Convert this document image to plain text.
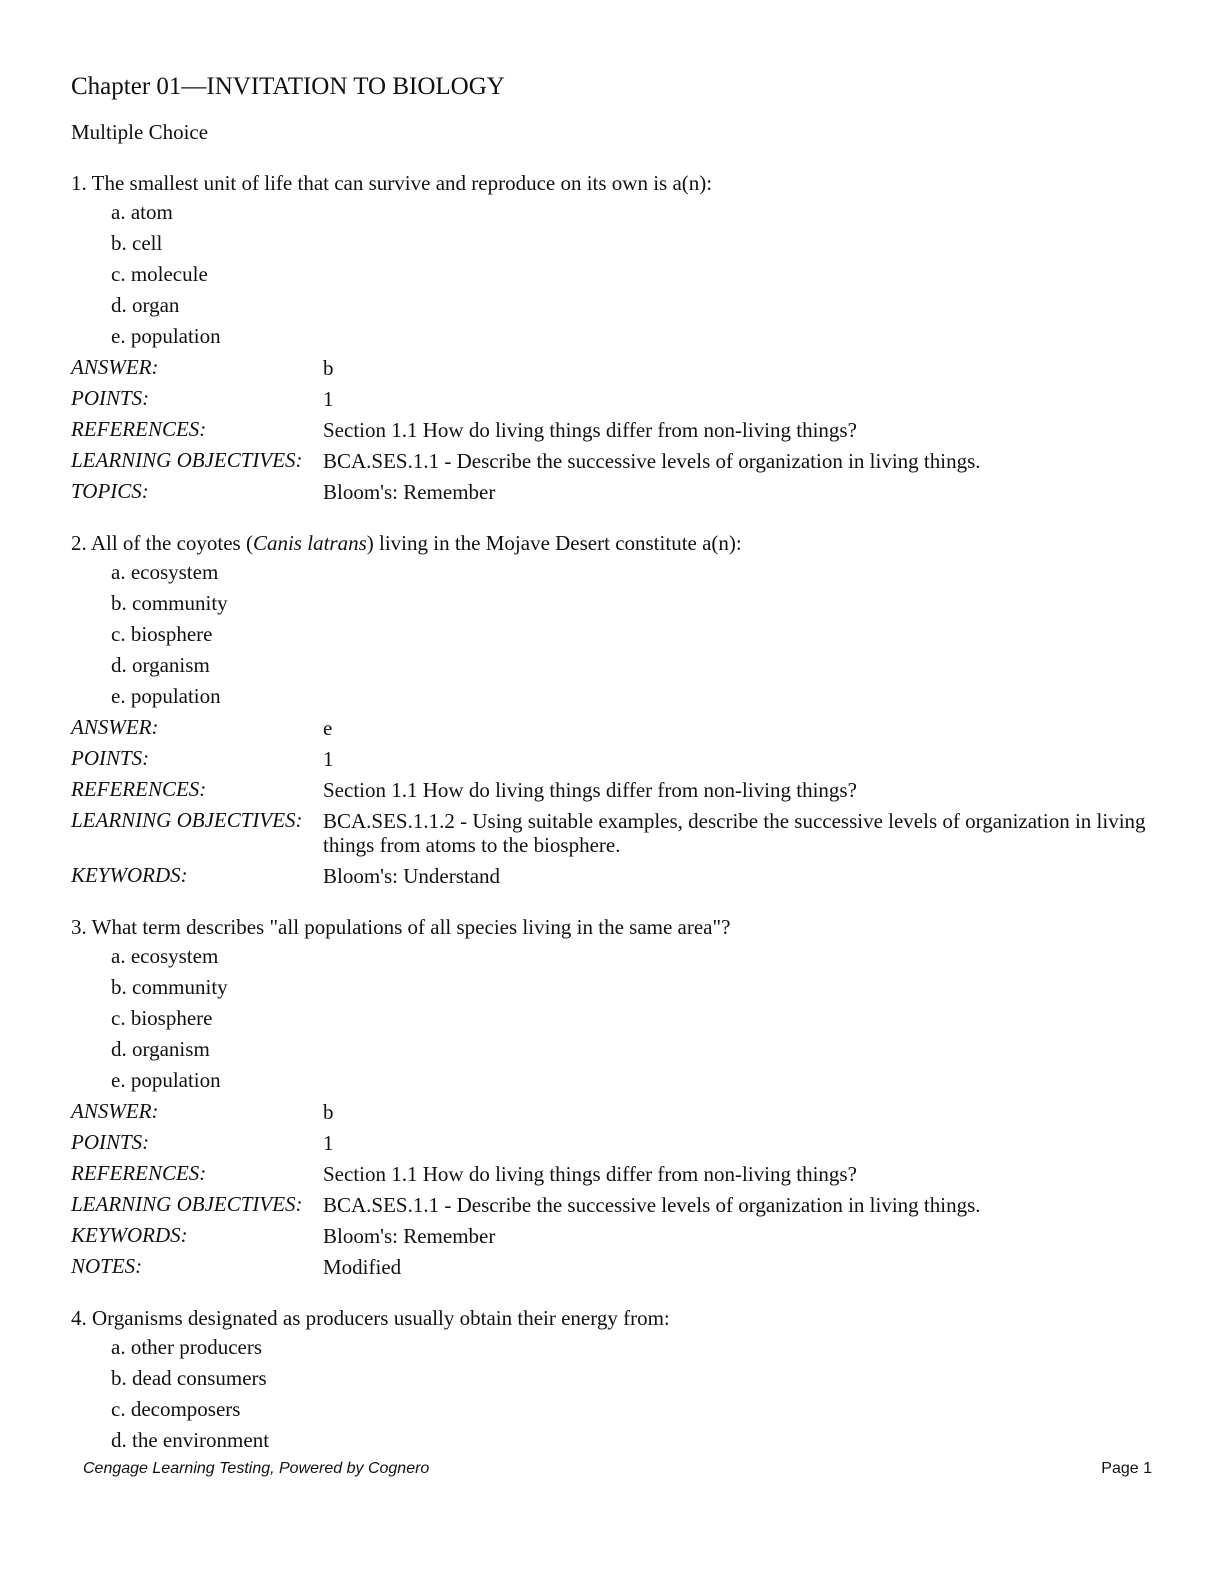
Chapter 01—INVITATION TO BIOLOGY
Multiple Choice

1. The smallest unit of life that can survive and reproduce on its own is a(n):

a. atom
b. cell
c. molecule
d. organ
e. population
ANSWER:	b
POINTS:	1
REFERENCES:	Section 1.1 How do living things differ from non-living things?
LEARNING OBJECTIVES: BCA.SES.1.1 - Describe the successive levels of organization in living things.
TOPICS:	Bloom's: Remember

2. All of the coyotes (Canis latrans) living in the Mojave Desert constitute a(n):

a. ecosystem
b. community
c. biosphere
d. organism
e. population
ANSWER:	e
POINTS:	1
REFERENCES:	Section 1.1 How do living things differ from non-living things?
LEARNING OBJECTIVES: BCA.SES.1.1.2 - Using suitable examples, describe the successive levels of organization in living things from atoms to the biosphere.
KEYWORDS:	Bloom's: Understand

3. What term describes "all populations of all species living in the same area"?

a. ecosystem
b. community
c. biosphere
d. organism
e. population
ANSWER:	b
POINTS:	1
REFERENCES:	Section 1.1 How do living things differ from non-living things?
LEARNING OBJECTIVES: BCA.SES.1.1 - Describe the successive levels of organization in living things.
KEYWORDS:	Bloom's: Remember
NOTES:	Modified

4. Organisms designated as producers usually obtain their energy from:

a. other producers
b. dead consumers
c. decomposers
d. the environment
Cengage Learning Testing, Powered by Cognero	Page 1
